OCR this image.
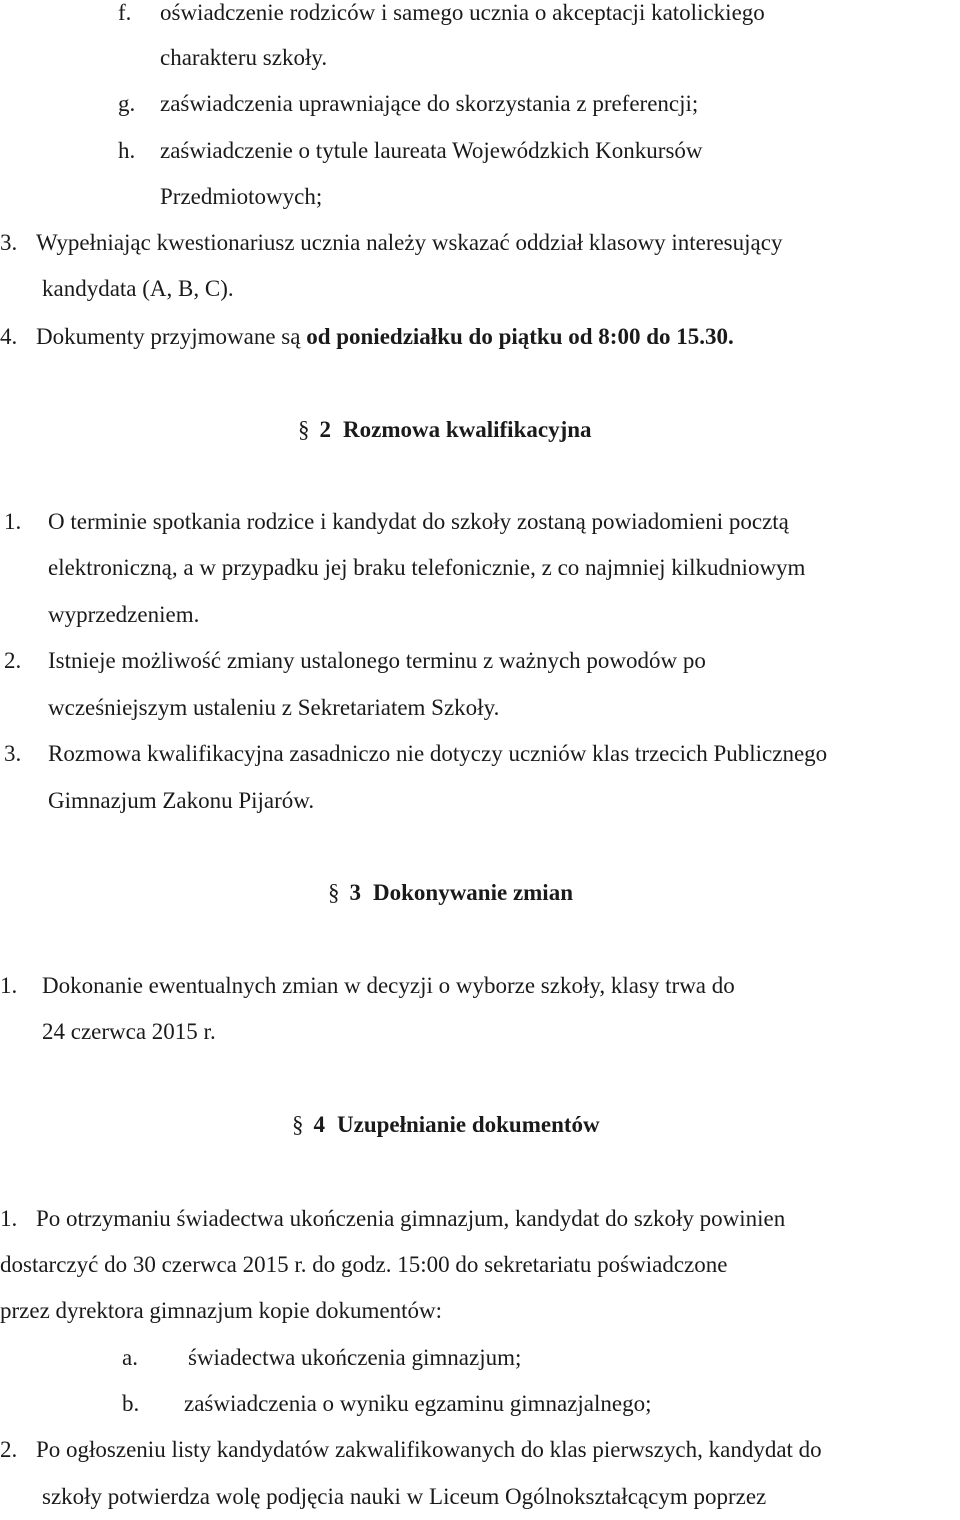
f. oświadczenie rodziców i samego ucznia o akceptacji katolickiego
charakteru szkoły.
g. zaświadczenia uprawniające do skorzystania z preferencji;
h. zaświadczenie o tytule laureata Wojewódzkich Konkursów
Przedmiotowych;
3. Wypełniając kwestionariusz ucznia należy wskazać oddział klasowy interesujący
kandydata (A, B, C).
4. Dokumenty przyjmowane są od poniedziałku do piątku od 8:00 do 15.30.
§ 2 Rozmowa kwalifikacyjna
1. O terminie spotkania rodzice i kandydat do szkoły zostaną powiadomieni pocztą
elektroniczną, a w przypadku jej braku telefonicznie, z co najmniej kilkudniowym
wyprzedzeniem.
2. Istnieje możliwość zmiany ustalonego terminu z ważnych powodów po
wcześniejszym ustaleniu z Sekretariatem Szkoły.
3. Rozmowa kwalifikacyjna zasadniczo nie dotyczy uczniów klas trzecich Publicznego
Gimnazjum Zakonu Pijarów.
§ 3 Dokonywanie zmian
1. Dokonanie ewentualnych zmian w decyzji o wyborze szkoły, klasy trwa do
24 czerwca 2015 r.
§ 4 Uzupełnianie dokumentów
1. Po otrzymaniu świadectwa ukończenia gimnazjum, kandydat do szkoły powinien
dostarczyć do 30 czerwca 2015 r. do godz. 15:00 do sekretariatu poświadczone
przez dyrektora gimnazjum kopie dokumentów:
a. świadectwa ukończenia gimnazjum;
b. zaświadczenia o wyniku egzaminu gimnazjalnego;
2. Po ogłoszeniu listy kandydatów zakwalifikowanych do klas pierwszych, kandydat do
szkoły potwierdza wolę podjęcia nauki w Liceum Ogólnokształcącym poprzez
